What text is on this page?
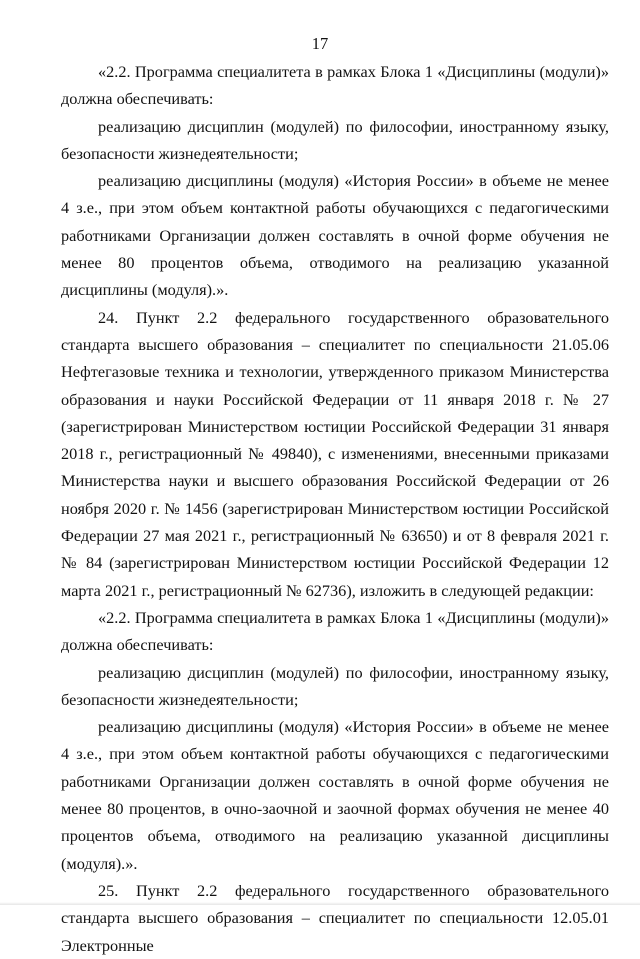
17

«2.2. Программа специалитета в рамках Блока 1 «Дисциплины (модули)» должна обеспечивать:

реализацию дисциплин (модулей) по философии, иностранному языку, безопасности жизнедеятельности;

реализацию дисциплины (модуля) «История России» в объеме не менее 4 з.е., при этом объем контактной работы обучающихся с педагогическими работниками Организации должен составлять в очной форме обучения не менее 80 процентов объема, отводимого на реализацию указанной дисциплины (модуля).».

24. Пункт 2.2 федерального государственного образовательного стандарта высшего образования – специалитет по специальности 21.05.06 Нефтегазовые техника и технологии, утвержденного приказом Министерства образования и науки Российской Федерации от 11 января 2018 г. № 27 (зарегистрирован Министерством юстиции Российской Федерации 31 января 2018 г., регистрационный № 49840), с изменениями, внесенными приказами Министерства науки и высшего образования Российской Федерации от 26 ноября 2020 г. № 1456 (зарегистрирован Министерством юстиции Российской Федерации 27 мая 2021 г., регистрационный № 63650) и от 8 февраля 2021 г. № 84 (зарегистрирован Министерством юстиции Российской Федерации 12 марта 2021 г., регистрационный № 62736), изложить в следующей редакции:

«2.2. Программа специалитета в рамках Блока 1 «Дисциплины (модули)» должна обеспечивать:

реализацию дисциплин (модулей) по философии, иностранному языку, безопасности жизнедеятельности;

реализацию дисциплины (модуля) «История России» в объеме не менее 4 з.е., при этом объем контактной работы обучающихся с педагогическими работниками Организации должен составлять в очной форме обучения не менее 80 процентов, в очно-заочной и заочной формах обучения не менее 40 процентов объема, отводимого на реализацию указанной дисциплины (модуля).».

25. Пункт 2.2 федерального государственного образовательного стандарта высшего образования – специалитет по специальности 12.05.01 Электронные
